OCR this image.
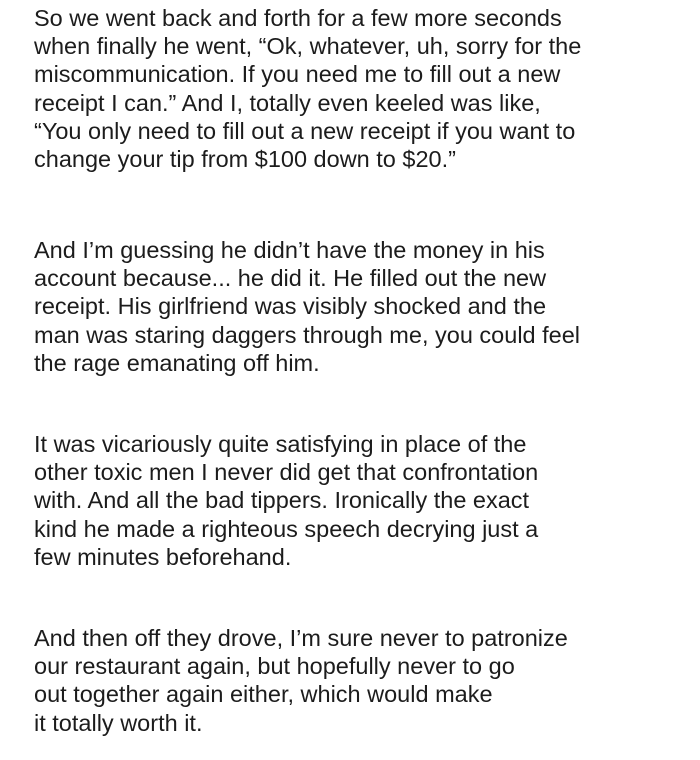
So we went back and forth for a few more seconds
when finally he went, “Ok, whatever, uh, sorry for the
miscommunication. If you need me to fill out a new
receipt I can.” And I, totally even keeled was like,
“You only need to fill out a new receipt if you want to
change your tip from $100 down to $20.”

And I’m guessing he didn’t have the money in his
account because... he did it. He filled out the new
receipt. His girlfriend was visibly shocked and the
man was staring daggers through me, you could feel
the rage emanating off him.

It was vicariously quite satisfying in place of the
other toxic men I never did get that confrontation
with. And all the bad tippers. Ironically the exact
kind he made a righteous speech decrying just a
few minutes beforehand.

And then off they drove, I’m sure never to patronize
our restaurant again, but hopefully never to go
out together again either, which would make
it totally worth it.
